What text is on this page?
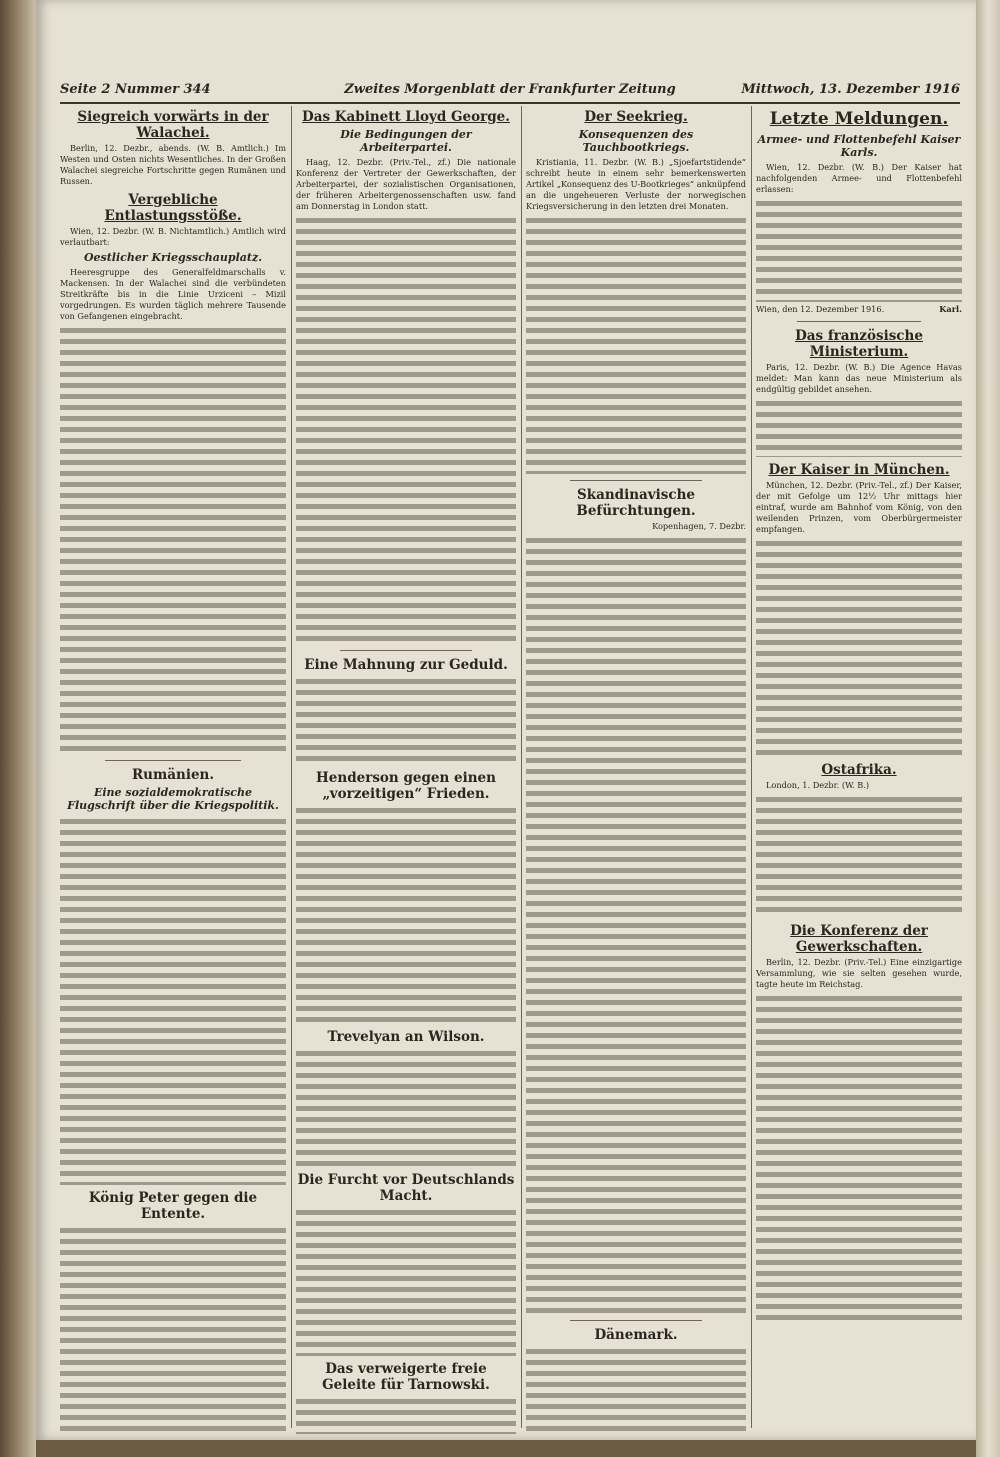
Seite 2 Nummer 344	Zweites Morgenblatt der Frankfurter Zeitung	Mittwoch, 13. Dezember 1916
Siegreich vorwärts in der Walachei.

Berlin, 12. Dezbr., abends. (W. B. Amtlich.) Im Westen und Osten nichts Wesentliches. In der Großen Walachei siegreiche Fortschritte gegen Rumänen und Russen.

Vergebliche Entlastungsstöße.

Wien, 12. Dezbr. (W. B. Nichtamtlich.) Amtlich wird verlautbart:

Oestlicher Kriegsschauplatz.

Heeresgruppe des Generalfeldmarschalls v. Mackensen. In der Walachei sind die verbündeten Streitkräfte bis in die Linie Urziceni – Mizil vorgedrungen. Es wurden täglich mehrere Tausende von Gefangenen eingebracht.

Rumänien.
Eine sozialdemokratische Flugschrift über die Kriegspolitik.
König Peter gegen die Entente.
Das Kabinett Lloyd George.
Die Bedingungen der Arbeiterpartei.

Haag, 12. Dezbr. (Priv.-Tel., zf.) Die nationale Konferenz der Vertreter der Gewerkschaften, der Arbeiterpartei, der sozialistischen Organisationen, der früheren Arbeitergenossenschaften usw. fand am Donnerstag in London statt.

Eine Mahnung zur Geduld.
Henderson gegen einen „vorzeitigen“ Frieden.
Trevelyan an Wilson.
Die Furcht vor Deutschlands Macht.
Das verweigerte freie Geleite für Tarnowski.
Der Seekrieg.
Konsequenzen des Tauchbootkriegs.

Kristiania, 11. Dezbr. (W. B.) „Sjoefartstidende“ schreibt heute in einem sehr bemerkenswerten Artikel „Konsequenz des U-Bootkrieges“ anknüpfend an die ungeheueren Verluste der norwegischen Kriegsversicherung in den letzten drei Monaten.

Skandinavische Befürchtungen.

Kopenhagen, 7. Dezbr.

Dänemark.
Letzte Meldungen.
Armee- und Flottenbefehl Kaiser Karls.

Wien, 12. Dezbr. (W. B.) Der Kaiser hat nachfolgenden Armee- und Flottenbefehl erlassen:

Wien, den 12. Dezember 1916.	Karl.

Das französische Ministerium.

Paris, 12. Dezbr. (W. B.) Die Agence Havas meldet: Man kann das neue Ministerium als endgültig gebildet ansehen.

Der Kaiser in München.

München, 12. Dezbr. (Priv.-Tel., zf.) Der Kaiser, der mit Gefolge um 12½ Uhr mittags hier eintraf, wurde am Bahnhof vom König, von den weilenden Prinzen, vom Oberbürgermeister empfangen.

Ostafrika.

London, 1. Dezbr. (W. B.)

Die Konferenz der Gewerkschaften.

Berlin, 12. Dezbr. (Priv.-Tel.) Eine einzigartige Versammlung, wie sie selten gesehen wurde, tagte heute im Reichstag.
